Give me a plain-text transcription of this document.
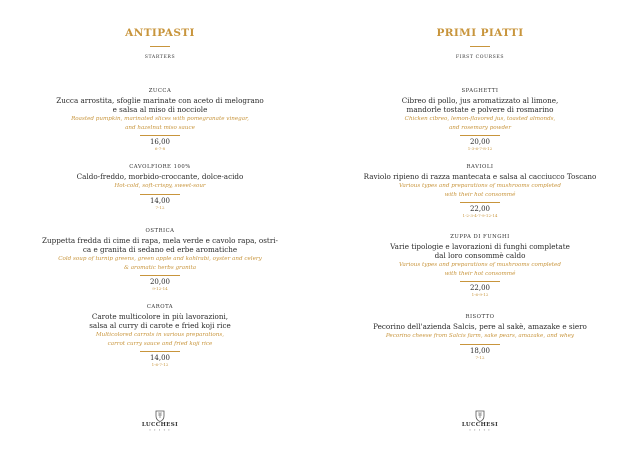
ANTIPASTI
STARTERS
ZUCCA
Zucca arrostita, sfoglie marinate con aceto di melograno
e salsa al miso di nocciole
Roasted pumpkin, marinated slices with pomegranate vinegar,
and hazelnut miso sauce
16,00
6-7-8
CAVOLFIORE 100%
Caldo-freddo, morbido-croccante, dolce-acido
Hot-cold, soft-crispy, sweet-sour
14,00
7-12
OSTRICA
Zuppetta fredda di cime di rapa, mela verde e cavolo rapa, ostri-
ca e granita di sedano ed erbe aromatiche
Cold soup of turnip greens, green apple and kohlrabi, oyster and celery
& aromatic herbs granita
20,00
9-12-14
CAROTA
Carote multicolore in più lavorazioni,
salsa al curry di carote e fried koji rice
Multicolored carrots in various preparations,
carrot curry sauce and fried koji rice
14,00
1-6-7-12
LUCCHESI
• • • • •
PRIMI PIATTI
FIRST COURSES
SPAGHETTI
Cibreo di pollo, jus aromatizzato al limone,
mandorle tostate e polvere di rosmarino
Chicken cibreo, lemon-flavored jus, toasted almonds,
and rosemary powder
20,00
1-3-6-7-8-12
RAVIOLI
Raviolo ripieno di razza mantecata e salsa al cacciucco Toscano
Various types and preparations of mushrooms completed
with their hot consommé
22,00
1-2-3-4-7-9-12-14
ZUPPA DI FUNGHI
Varie tipologie e lavorazioni di funghi completate
dal loro consommè caldo
Various types and preparations of mushrooms completed
with their hot consommé
22,00
1-6-9-12
RISOTTO
Pecorino dell'azienda Salcis, pere al sakè, amazake e siero
Pecorino cheese from Salcis farm, sake pears, amazake, and whey
18,00
7-12
LUCCHESI
• • • • •
